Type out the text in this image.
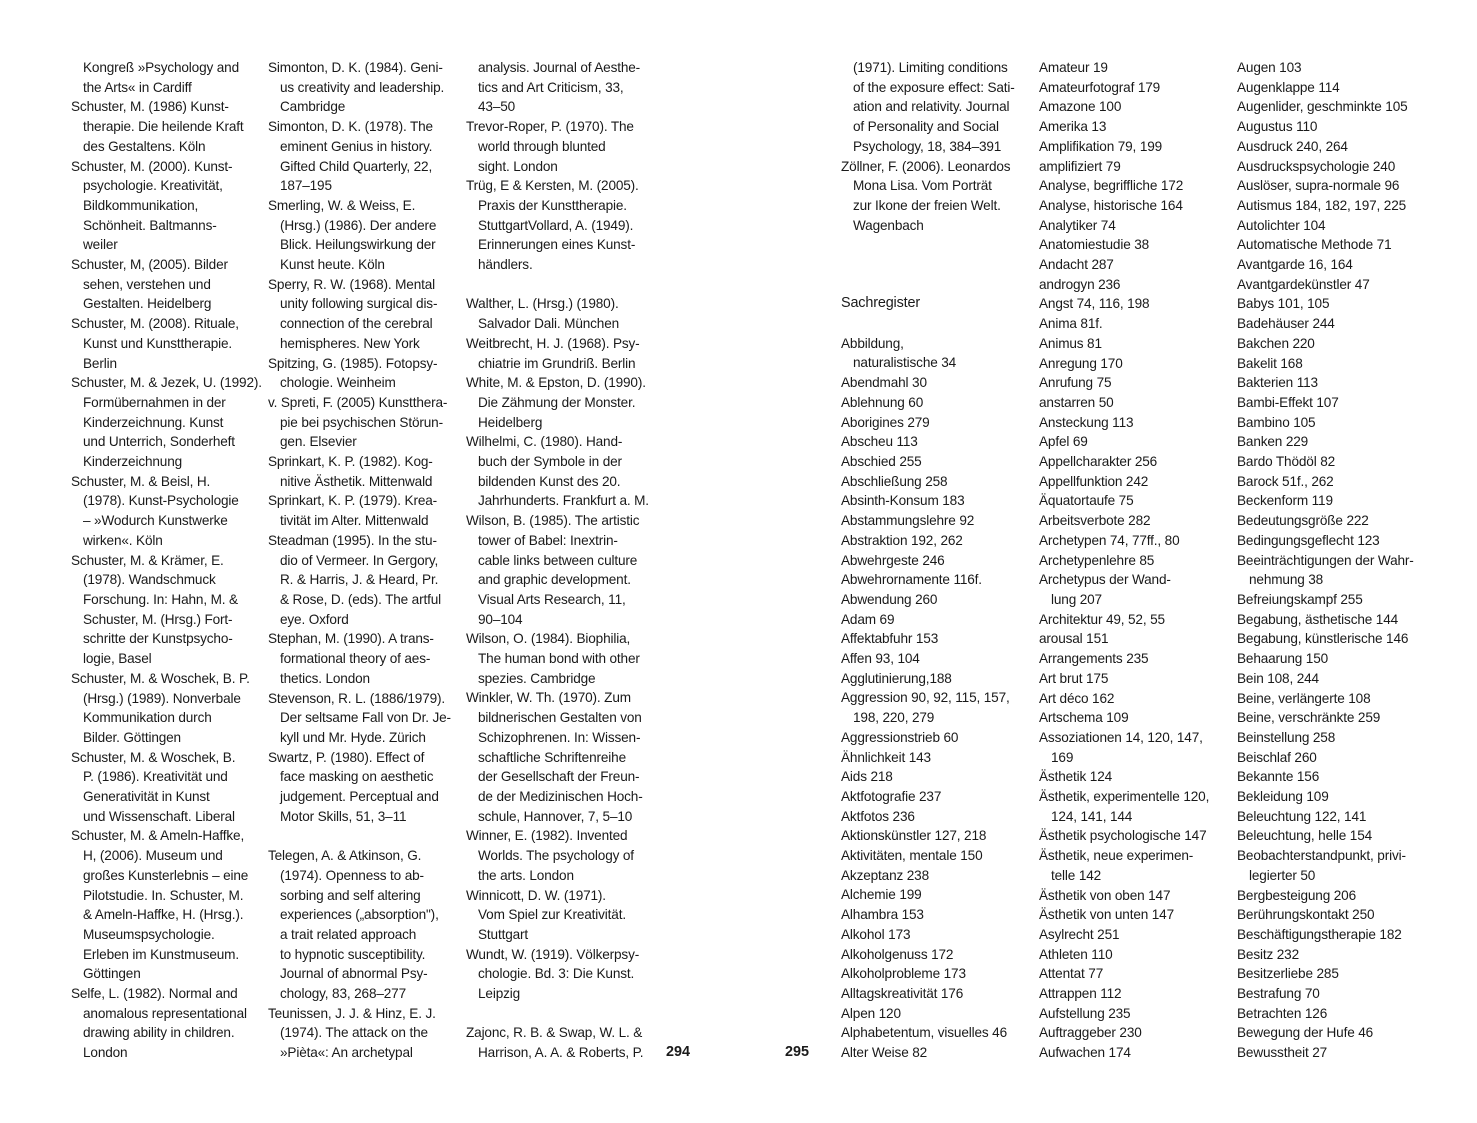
Kongreß »Psychology and
the Arts« in Cardiff
Schuster, M. (1986) Kunst-
therapie. Die heilende Kraft
des Gestaltens. Köln
Schuster, M. (2000). Kunst-
psychologie. Kreativität,
Bildkommunikation,
Schönheit. Baltmanns-
weiler
Schuster, M, (2005). Bilder
sehen, verstehen und
Gestalten. Heidelberg
Schuster, M. (2008). Rituale,
Kunst und Kunsttherapie.
Berlin
Schuster, M. & Jezek, U. (1992).
Formübernahmen in der
Kinderzeichnung. Kunst
und Unterrich, Sonderheft
Kinderzeichnung
Schuster, M. & Beisl, H.
(1978). Kunst-Psychologie
– »Wodurch Kunstwerke
wirken«. Köln
Schuster, M. & Krämer, E.
(1978). Wandschmuck
Forschung. In: Hahn, M. &
Schuster, M. (Hrsg.) Fort-
schritte der Kunstpsycho-
logie, Basel
Schuster, M. & Woschek, B. P.
(Hrsg.) (1989). Nonverbale
Kommunikation durch
Bilder. Göttingen
Schuster, M. & Woschek, B.
P. (1986). Kreativität und
Generativität in Kunst
und Wissenschaft. Liberal
Schuster, M. & Ameln-Haffke,
H, (2006). Museum und
großes Kunsterlebnis – eine
Pilotstudie. In. Schuster, M.
& Ameln-Haffke, H. (Hrsg.).
Museumspsychologie.
Erleben im Kunstmuseum.
Göttingen
Selfe, L. (1982). Normal and
anomalous representational
drawing ability in children.
London
Simonton, D. K. (1984). Geni-
us creativity and leadership.
Cambridge
Simonton, D. K. (1978). The
eminent Genius in history.
Gifted Child Quarterly, 22,
187–195
Smerling, W. & Weiss, E.
(Hrsg.) (1986). Der andere
Blick. Heilungswirkung der
Kunst heute. Köln
Sperry, R. W. (1968). Mental
unity following surgical dis-
connection of the cerebral
hemispheres. New York
Spitzing, G. (1985). Fotopsy-
chologie. Weinheim
v. Spreti, F. (2005) Kunstthera-
pie bei psychischen Störun-
gen. Elsevier
Sprinkart, K. P. (1982). Kog-
nitive Ästhetik. Mittenwald
Sprinkart, K. P. (1979). Krea-
tivität im Alter. Mittenwald
Steadman (1995). In the stu-
dio of Vermeer. In Gergory,
R. & Harris, J. & Heard, Pr.
& Rose, D. (eds). The artful
eye. Oxford
Stephan, M. (1990). A trans-
formational theory of aes-
thetics. London
Stevenson, R. L. (1886/1979).
Der seltsame Fall von Dr. Je-
kyll und Mr. Hyde. Zürich
Swartz, P. (1980). Effect of
face masking on aesthetic
judgement. Perceptual and
Motor Skills, 51, 3–11
Telegen, A. & Atkinson, G.
(1974). Openness to ab-
sorbing and self altering
experiences („absorption"),
a trait related approach
to hypnotic susceptibility.
Journal of abnormal Psy-
chology, 83, 268–277
Teunissen, J. J. & Hinz, E. J.
(1974). The attack on the
»Pièta«: An archetypal
analysis. Journal of Aesthe-
tics and Art Criticism, 33,
43–50
Trevor-Roper, P. (1970). The
world through blunted
sight. London
Trüg, E & Kersten, M. (2005).
Praxis der Kunsttherapie.
StuttgartVollard, A. (1949).
Erinnerungen eines Kunst-
händlers.
Walther, L. (Hrsg.) (1980).
Salvador Dali. München
Weitbrecht, H. J. (1968). Psy-
chiatrie im Grundriß. Berlin
White, M. & Epston, D. (1990).
Die Zähmung der Monster.
Heidelberg
Wilhelmi, C. (1980). Hand-
buch der Symbole in der
bildenden Kunst des 20.
Jahrhunderts. Frankfurt a. M.
Wilson, B. (1985). The artistic
tower of Babel: Inextrin-
cable links between culture
and graphic development.
Visual Arts Research, 11,
90–104
Wilson, O. (1984). Biophilia,
The human bond with other
spezies. Cambridge
Winkler, W. Th. (1970). Zum
bildnerischen Gestalten von
Schizophrenen. In: Wissen-
schaftliche Schriftenreihe
der Gesellschaft der Freun-
de der Medizinischen Hoch-
schule, Hannover, 7, 5–10
Winner, E. (1982). Invented
Worlds. The psychology of
the arts. London
Winnicott, D. W. (1971).
Vom Spiel zur Kreativität.
Stuttgart
Wundt, W. (1919). Völkerpsy-
chologie. Bd. 3: Die Kunst.
Leipzig
Zajonc, R. B. & Swap, W. L. &
Harrison, A. A. & Roberts, P.	294	295
(1971). Limiting conditions
of the exposure effect: Sati-
ation and relativity. Journal
of Personality and Social
Psychology, 18, 384–391
Zöllner, F. (2006). Leonardos
Mona Lisa. Vom Porträt
zur Ikone der freien Welt.
Wagenbach
Sachregister
Abbildung,
naturalistische 34
Abendmahl 30
Ablehnung 60
Aborigines 279
Abscheu 113
Abschied 255
Abschließung 258
Absinth-Konsum 183
Abstammungslehre 92
Abstraktion 192, 262
Abwehrgeste 246
Abwehrornamente 116f.
Abwendung 260
Adam 69
Affektabfuhr 153
Affen 93, 104
Agglutinierung,188
Aggression 90, 92, 115, 157,
198, 220, 279
Aggressionstrieb 60
Ähnlichkeit 143
Aids 218
Aktfotografie 237
Aktfotos 236
Aktionskünstler 127, 218
Aktivitäten, mentale 150
Akzeptanz 238
Alchemie 199
Alhambra 153
Alkohol 173
Alkoholgenuss 172
Alkoholprobleme 173
Alltagskreativität 176
Alpen 120
Alphabetentum, visuelles 46
Alter Weise 82
Amateur 19
Amateurfotograf 179
Amazone 100
Amerika 13
Amplifikation 79, 199
amplifiziert 79
Analyse, begriffliche 172
Analyse, historische 164
Analytiker 74
Anatomiestudie 38
Andacht 287
androgyn 236
Angst 74, 116, 198
Anima 81f.
Animus 81
Anregung 170
Anrufung 75
anstarren 50
Ansteckung 113
Apfel 69
Appellcharakter 256
Appellfunktion 242
Äquatortaufe 75
Arbeitsverbote 282
Archetypen 74, 77ff., 80
Archetypenlehre 85
Archetypus der Wand-
lung 207
Architektur 49, 52, 55
arousal 151
Arrangements 235
Art brut 175
Art déco 162
Artschema 109
Assoziationen 14, 120, 147,
169
Ästhetik 124
Ästhetik, experimentelle 120,
124, 141, 144
Ästhetik psychologische 147
Ästhetik, neue experimen-
telle 142
Ästhetik von oben 147
Ästhetik von unten 147
Asylrecht 251
Athleten 110
Attentat 77
Attrappen 112
Aufstellung 235
Auftraggeber 230
Aufwachen 174
Augen 103
Augenklappe 114
Augenlider, geschminkte 105
Augustus 110
Ausdruck 240, 264
Ausdruckspsychologie 240
Auslöser, supra-normale 96
Autismus 184, 182, 197, 225
Autolichter 104
Automatische Methode 71
Avantgarde 16, 164
Avantgardekünstler 47
Babys 101, 105
Badehäuser 244
Bakchen 220
Bakelit 168
Bakterien 113
Bambi-Effekt 107
Bambino 105
Banken 229
Bardo Thödöl 82
Barock 51f., 262
Beckenform 119
Bedeutungsgröße 222
Bedingungsgeflecht 123
Beeinträchtigungen der Wahr-
nehmung 38
Befreiungskampf 255
Begabung, ästhetische 144
Begabung, künstlerische 146
Behaarung 150
Bein 108, 244
Beine, verlängerte 108
Beine, verschränkte 259
Beinstellung 258
Beischlaf 260
Bekannte 156
Bekleidung 109
Beleuchtung 122, 141
Beleuchtung, helle 154
Beobachterstandpunkt, privi-
legierter 50
Bergbesteigung 206
Berührungskontakt 250
Beschäftigungstherapie 182
Besitz 232
Besitzerliebe 285
Bestrafung 70
Betrachten 126
Bewegung der Hufe 46
Bewusstheit 27
